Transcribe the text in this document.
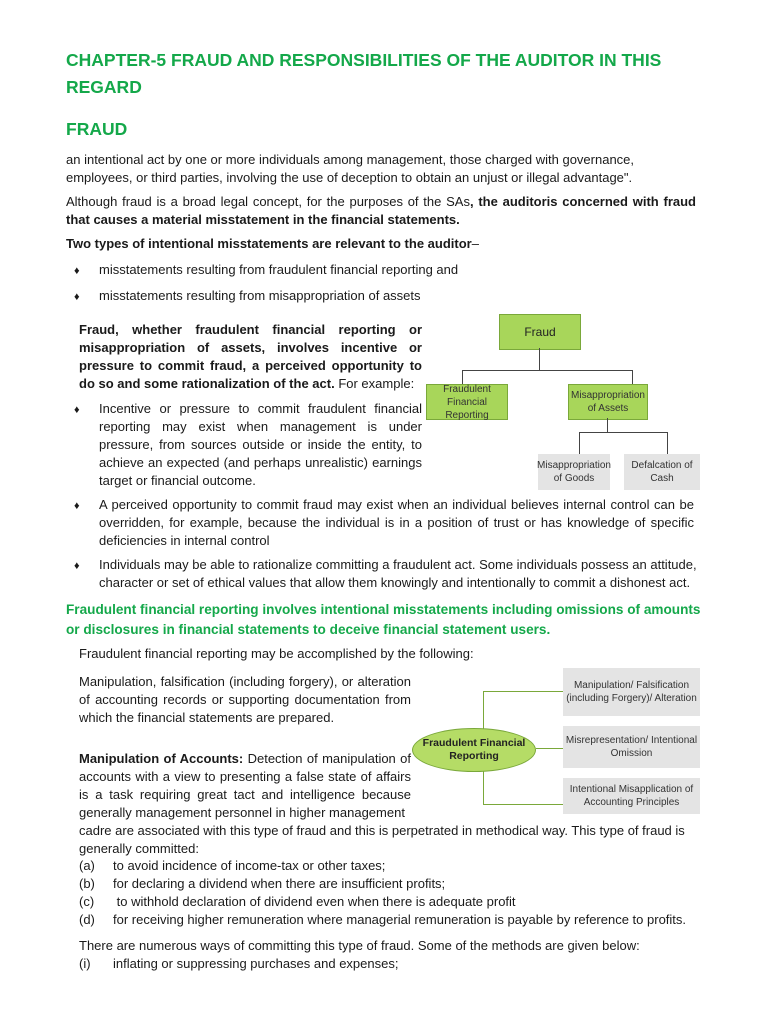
CHAPTER-5 FRAUD AND RESPONSIBILITIES OF THE AUDITOR IN THIS REGARD
FRAUD
an intentional act by one or more individuals among management, those charged with governance, employees, or third parties, involving the use of deception to obtain an unjust or illegal advantage".
Although fraud is a broad legal concept, for the purposes of the SAs, the auditoris concerned with fraud that causes a material misstatement in the financial statements.
Two types of intentional misstatements are relevant to the auditor–
♦ misstatements resulting from fraudulent financial reporting and
♦ misstatements resulting from misappropriation of assets
Fraud, whether fraudulent financial reporting or misappropriation of assets, involves incentive or pressure to commit fraud, a perceived opportunity to do so and some rationalization of the act. For example:
♦ Incentive or pressure to commit fraudulent financial reporting may exist when management is under pressure, from sources outside or inside the entity, to achieve an expected (and perhaps unrealistic) earnings target or financial outcome.
♦ A perceived opportunity to commit fraud may exist when an individual believes internal control can be overridden, for example, because the individual is in a position of trust or has knowledge of specific deficiencies in internal control
♦ Individuals may be able to rationalize committing a fraudulent act. Some individuals possess an attitude, character or set of ethical values that allow them knowingly and intentionally to commit a dishonest act.
Fraud
Fraudulent Financial Reporting
Misappropriation of Assets
Misappropriation of Goods
Defalcation of Cash
Fraudulent financial reporting involves intentional misstatements including omissions of amounts or disclosures in financial statements to deceive financial statement users.
Fraudulent financial reporting may be accomplished by the following:
Manipulation, falsification (including forgery), or alteration of accounting records or supporting documentation from which the financial statements are prepared.
Manipulation of Accounts: Detection of manipulation of accounts with a view to presenting a false state of affairs is a task requiring great tact and intelligence because generally management personnel in higher management
cadre are associated with this type of fraud and this is perpetrated in methodical way. This type of fraud is generally committed:
(a) to avoid incidence of income-tax or other taxes;
(b) for declaring a dividend when there are insufficient profits;
(c) to withhold declaration of dividend even when there is adequate profit
(d) for receiving higher remuneration where managerial remuneration is payable by reference to profits.
There are numerous ways of committing this type of fraud. Some of the methods are given below:
(i) inflating or suppressing purchases and expenses;
Fraudulent Financial Reporting
Manipulation/ Falsification (including Forgery)/ Alteration
Misrepresentation/ Intentional Omission
Intentional Misapplication of Accounting Principles
